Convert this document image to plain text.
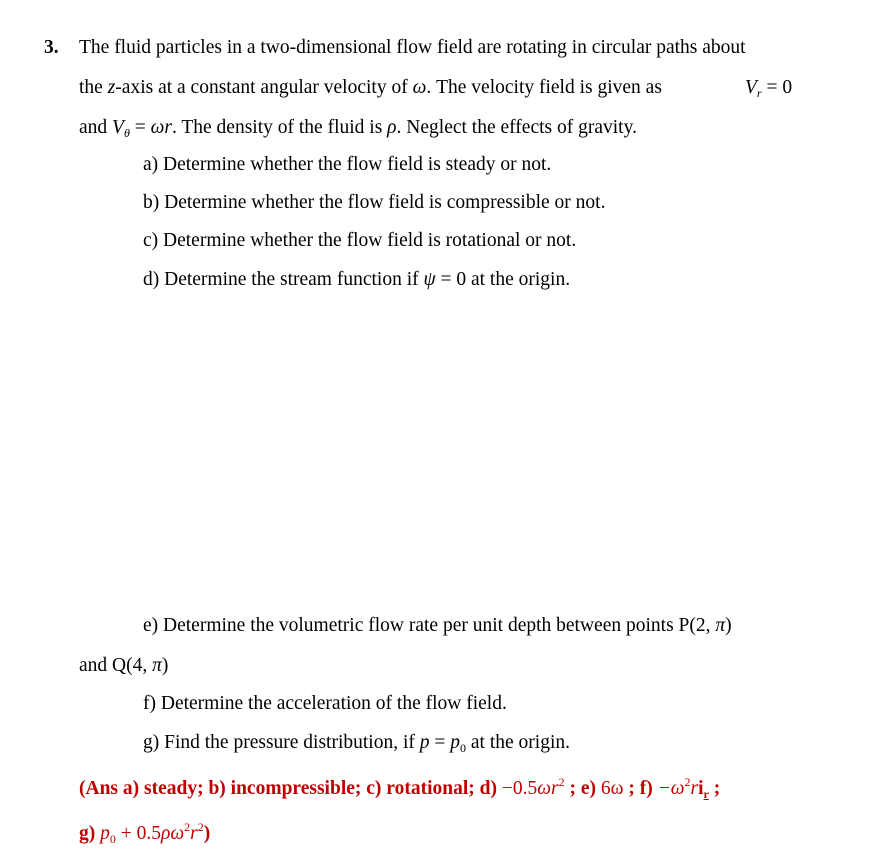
3. The fluid particles in a two-dimensional flow field are rotating in circular paths about
the z-axis at a constant angular velocity of ω. The velocity field is given as	$V_r = 0$
and $V_\theta = \omega r$. The density of the fluid is ρ. Neglect the effects of gravity.
a) Determine whether the flow field is steady or not.
b) Determine whether the flow field is compressible or not.
c) Determine whether the flow field is rotational or not.
d) Determine the stream function if ψ = 0 at the origin.
e) Determine the volumetric flow rate per unit depth between points P(2, π)
and Q(4, π)
f) Determine the acceleration of the flow field.
g) Find the pressure distribution, if $p = p_0$ at the origin.
(Ans a) steady; b) incompressible; c) rotational; $d) -0.5\omega r^2$ ; e) 6ω ; $f) -\omega^2ri_r$ ;
g) $p_0 + 0.5\rho\omega^2r^2$)
